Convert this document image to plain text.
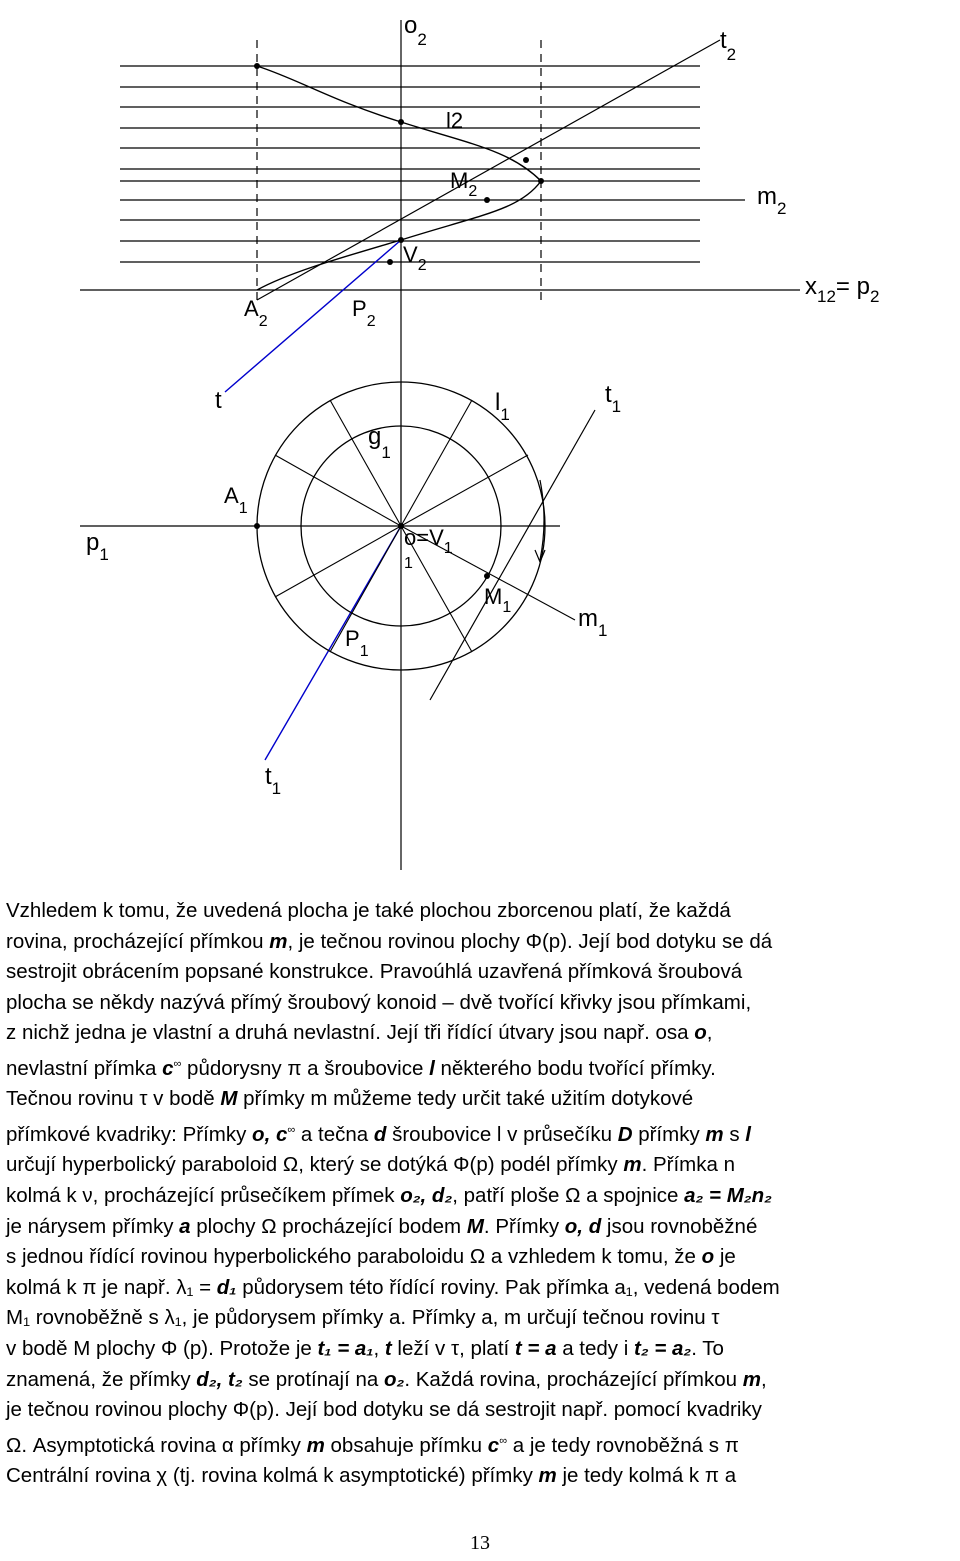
$o_2$	$t_2$
l2
$M_2$	$m_2$
$V_2$
$x_{12}= p_2$
$A_2$
$P_2$
t	$l_1$
$t_1$
$g_1$
$A_1$
$p_1$
$o=V_1$
1
$M_1$	$m_1$
$P_1$
$t_1$
Vzhledem k tomu, že uvedená plocha je také plochou zborcenou platí, že každá
rovina, procházející přímkou m, je tečnou rovinou plochy Φ(p). Její bod dotyku se dá
sestrojit obrácením popsané konstrukce. Pravoúhlá uzavřená přímková šroubová
plocha se někdy nazývá přímý šroubový konoid – dvě tvořící křivky jsou přímkami,
z nichž jedna je vlastní a druhá nevlastní. Její tři řídící útvary jsou např. osa o,
nevlastní přímka c∞ půdorysny π a šroubovice l některého bodu tvořící přímky.
Tečnou rovinu τ v bodě M přímky m můžeme tedy určit také užitím dotykové
přímkové kvadriky: Přímky o, c∞ a tečna d šroubovice l v průsečíku D přímky m s l
určují hyperbolický paraboloid Ω, který se dotýká Φ(p) podél přímky m. Přímka n
kolmá k ν, procházející průsečíkem přímek o₂, d₂, patří ploše Ω a spojnice a₂ = M₂n₂
je nárysem přímky a plochy Ω procházející bodem M. Přímky o, d jsou rovnoběžné
s jednou řídící rovinou hyperbolického paraboloidu Ω a vzhledem k tomu, že o je
kolmá k π je např. λ₁ = d₁ půdorysem této řídící roviny. Pak přímka a₁, vedená bodem
M₁ rovnoběžně s λ₁, je půdorysem přímky a. Přímky a, m určují tečnou rovinu τ
v bodě M plochy Φ (p). Protože je t₁ = a₁, t leží v τ, platí t = a a tedy i t₂ = a₂. To
znamená, že přímky d₂, t₂ se protínají na o₂. Každá rovina, procházející přímkou m,
je tečnou rovinou plochy Φ(p). Její bod dotyku se dá sestrojit např. pomocí kvadriky
Ω. Asymptotická rovina α přímky m obsahuje přímku c∞ a je tedy rovnoběžná s π
Centrální rovina χ (tj. rovina kolmá k asymptotické) přímky m je tedy kolmá k π a
13
